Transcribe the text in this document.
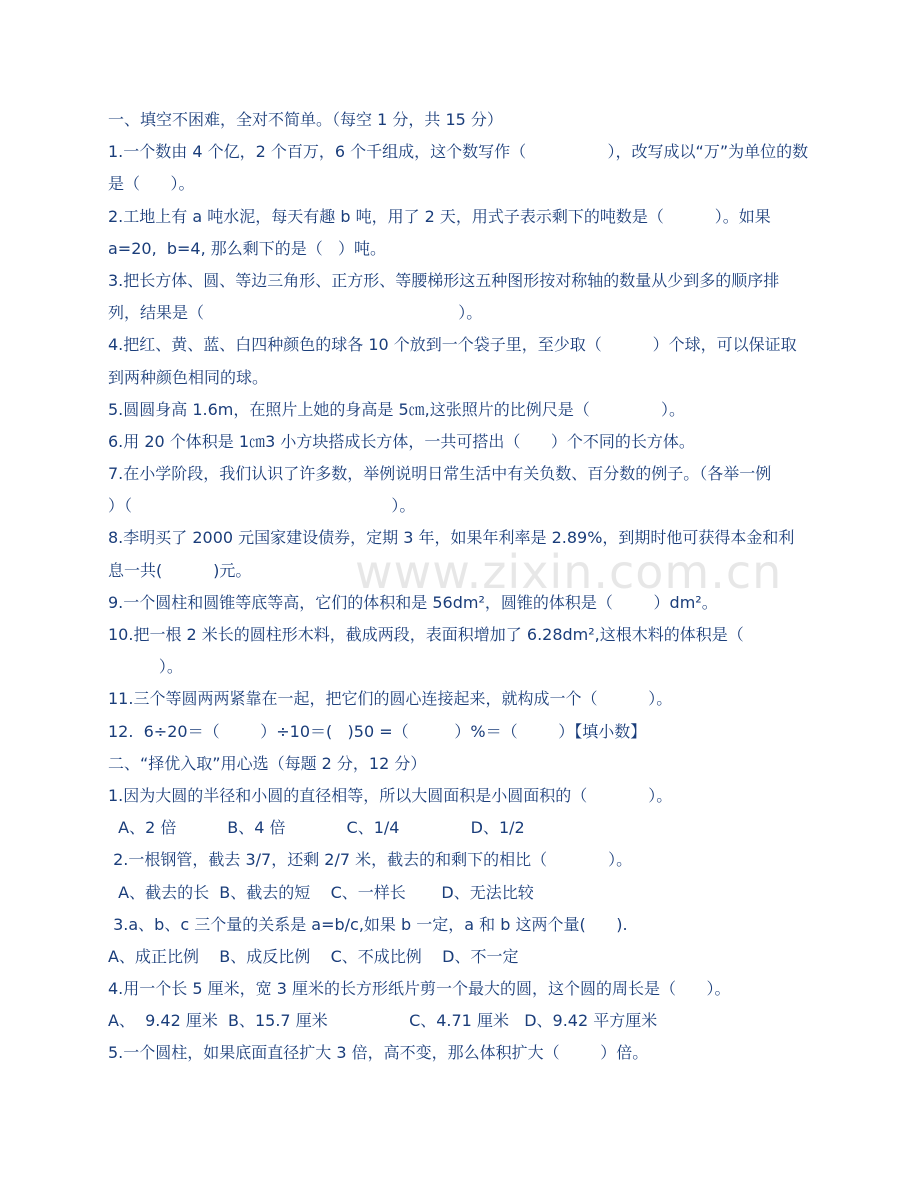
一、填空不困难，全对不简单。（每空 1 分，共 15 分）
1.一个数由 4 个亿，2 个百万，6 个千组成，这个数写作（                ），改写成以“万”为单位的数
是（      ）。
2.工地上有 a 吨水泥，每天有趣 b 吨，用了 2 天，用式子表示剩下的吨数是（          ）。如果
a=20,  b=4, 那么剩下的是（   ）吨。
3.把长方体、圆、等边三角形、正方形、等腰梯形这五种图形按对称轴的数量从少到多的顺序排
列，结果是（                                                  ）。
4.把红、黄、蓝、白四种颜色的球各 10 个放到一个袋子里，至少取（          ）个球，可以保证取
到两种颜色相同的球。
5.圆圆身高 1.6m，在照片上她的身高是 5㎝,这张照片的比例尺是（              ）。
6.用 20 个体积是 1㎝3 小方块搭成长方体，一共可搭出（      ）个不同的长方体。
7.在小学阶段，我们认识了许多数，举例说明日常生活中有关负数、百分数的例子。（各举一例
）（                                                   ）。
8.李明买了 2000 元国家建设债券，定期 3 年，如果年利率是 2.89%，到期时他可获得本金和利
息一共(          )元。
9.一个圆柱和圆锥等底等高，它们的体积和是 56dm²，圆锥的体积是（        ）dm²。
10.把一根 2 米长的圆柱形木料，截成两段，表面积增加了 6.28dm²,这根木料的体积是（
）。
11.三个等圆两两紧靠在一起，把它们的圆心连接起来，就构成一个（          ）。
12.  6÷20＝（        ）÷10＝(   )50 =（         ）%＝（        ）【填小数】
二、“择优入取”用心选（每题 2 分，12 分）
1.因为大圆的半径和小圆的直径相等，所以大圆面积是小圆面积的（            ）。
A、2 倍          B、4 倍            C、1/4              D、1/2
2.一根钢管，截去 3/7，还剩 2/7 米，截去的和剩下的相比（            ）。
A、截去的长  B、截去的短    C、一样长       D、无法比较
3.a、b、c 三个量的关系是 a=b/c,如果 b 一定，a 和 b 这两个量(      ).
A、成正比例    B、成反比例    C、不成比例    D、不一定
4.用一个长 5 厘米，宽 3 厘米的长方形纸片剪一个最大的圆，这个圆的周长是（      ）。
A、  9.42 厘米  B、15.7 厘米                C、4.71 厘米   D、9.42 平方厘米
5.一个圆柱，如果底面直径扩大 3 倍，高不变，那么体积扩大（        ）倍。
www.zixin.com.cn
